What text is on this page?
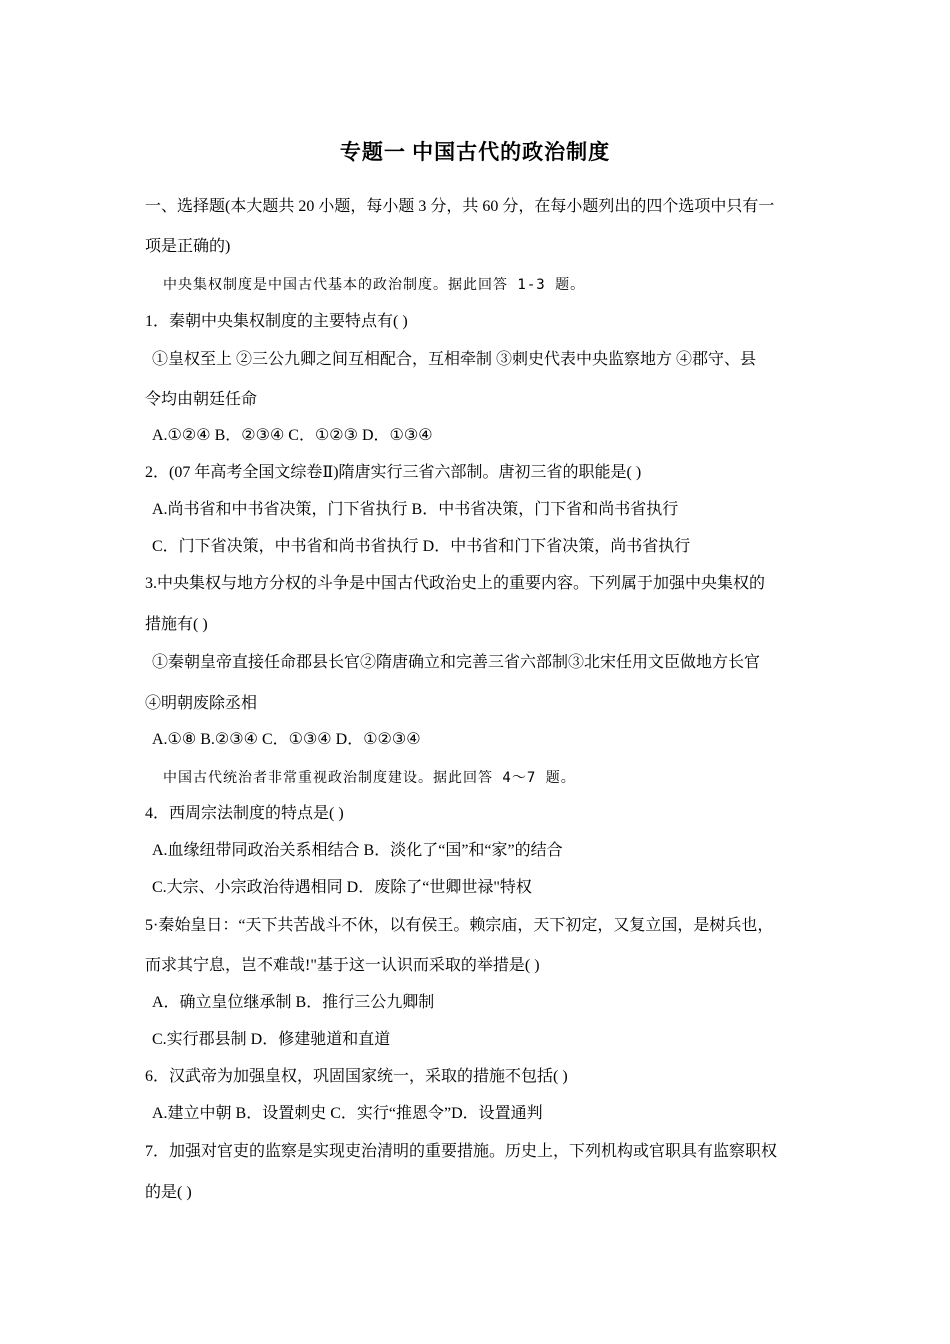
专题一 中国古代的政治制度
一、选择题(本大题共 20 小题，每小题 3 分，共 60 分，在每小题列出的四个选项中只有一
项是正确的)
中央集权制度是中国古代基本的政治制度。据此回答 1-3 题。
1．秦朝中央集权制度的主要特点有( )
①皇权至上 ②三公九卿之间互相配合，互相牵制 ③刺史代表中央监察地方 ④郡守、县
令均由朝廷任命
A.①②④ B．②③④ C．①②③ D．①③④
2．(07 年高考全国文综卷Ⅱ)隋唐实行三省六部制。唐初三省的职能是( )
A.尚书省和中书省决策，门下省执行 B．中书省决策，门下省和尚书省执行
C．门下省决策，中书省和尚书省执行 D．中书省和门下省决策，尚书省执行
3.中央集权与地方分权的斗争是中国古代政治史上的重要内容。下列属于加强中央集权的
措施有( )
①秦朝皇帝直接任命郡县长官②隋唐确立和完善三省六部制③北宋任用文臣做地方长官
④明朝废除丞相
A.①⑧ B.②③④ C．①③④ D．①②③④
中国古代统治者非常重视政治制度建设。据此回答 4～7 题。
4．西周宗法制度的特点是( )
A.血缘纽带同政治关系相结合 B．淡化了“国”和“家”的结合
C.大宗、小宗政治待遇相同 D．废除了“世卿世禄"特权
5·秦始皇日：“天下共苦战斗不休，以有侯王。赖宗庙，天下初定，又复立国，是树兵也，
而求其宁息，岂不难哉!"基于这一认识而采取的举措是( )
A．确立皇位继承制 B．推行三公九卿制
C.实行郡县制 D．修建驰道和直道
6．汉武帝为加强皇权，巩固国家统一，采取的措施不包括( )
A.建立中朝 B．设置刺史 C．实行“推恩令”D．设置通判
7．加强对官吏的监察是实现吏治清明的重要措施。历史上，下列机构或官职具有监察职权
的是( )
